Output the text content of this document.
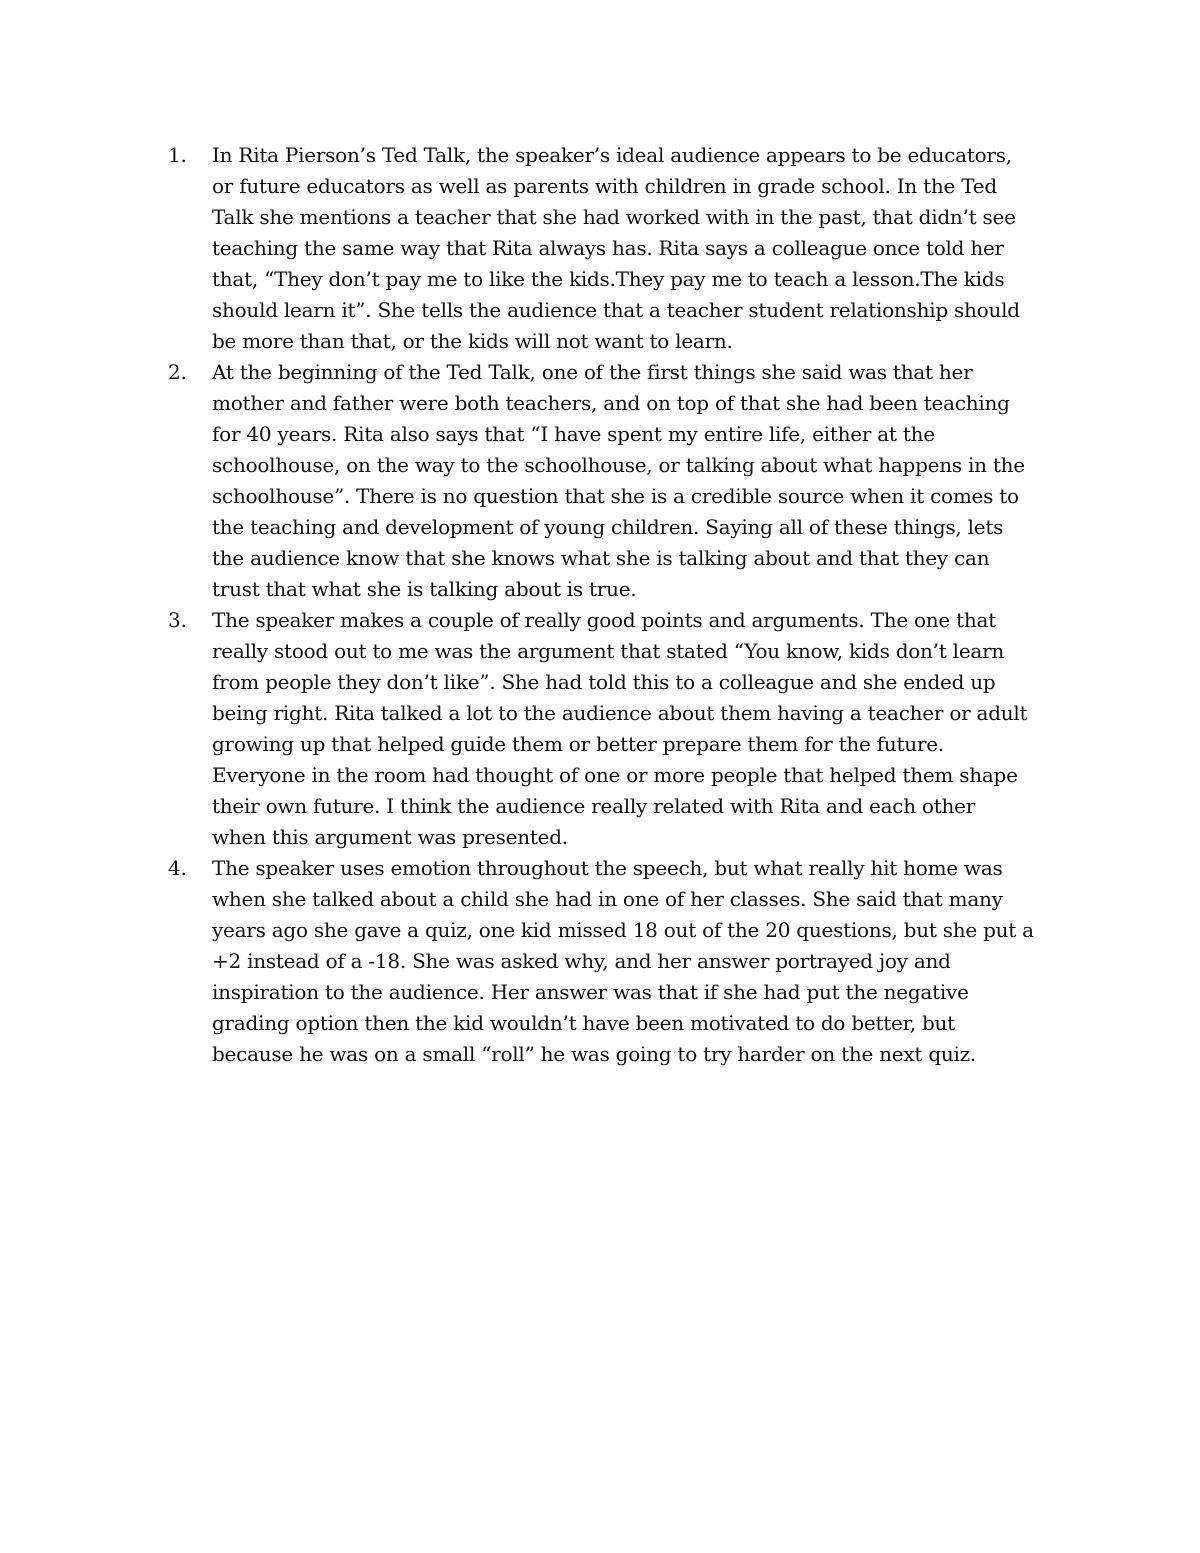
1.	In Rita Pierson’s Ted Talk, the speaker’s ideal audience appears to be educators,
or future educators as well as parents with children in grade school. In the Ted
Talk she mentions a teacher that she had worked with in the past, that didn’t see
teaching the same way that Rita always has. Rita says a colleague once told her
that, “They don’t pay me to like the kids.They pay me to teach a lesson.The kids
should learn it”. She tells the audience that a teacher student relationship should
be more than that, or the kids will not want to learn.
2.	At the beginning of the Ted Talk, one of the first things she said was that her
mother and father were both teachers, and on top of that she had been teaching
for 40 years. Rita also says that “I have spent my entire life, either at the
schoolhouse, on the way to the schoolhouse, or talking about what happens in the
schoolhouse”. There is no question that she is a credible source when it comes to
the teaching and development of young children. Saying all of these things, lets
the audience know that she knows what she is talking about and that they can
trust that what she is talking about is true.
3.	The speaker makes a couple of really good points and arguments. The one that
really stood out to me was the argument that stated “You know, kids don’t learn
from people they don’t like”. She had told this to a colleague and she ended up
being right. Rita talked a lot to the audience about them having a teacher or adult
growing up that helped guide them or better prepare them for the future.
Everyone in the room had thought of one or more people that helped them shape
their own future. I think the audience really related with Rita and each other
when this argument was presented.
4.	The speaker uses emotion throughout the speech, but what really hit home was
when she talked about a child she had in one of her classes. She said that many
years ago she gave a quiz, one kid missed 18 out of the 20 questions, but she put a
+2 instead of a -18. She was asked why, and her answer portrayed joy and
inspiration to the audience. Her answer was that if she had put the negative
grading option then the kid wouldn’t have been motivated to do better, but
because he was on a small “roll” he was going to try harder on the next quiz.
